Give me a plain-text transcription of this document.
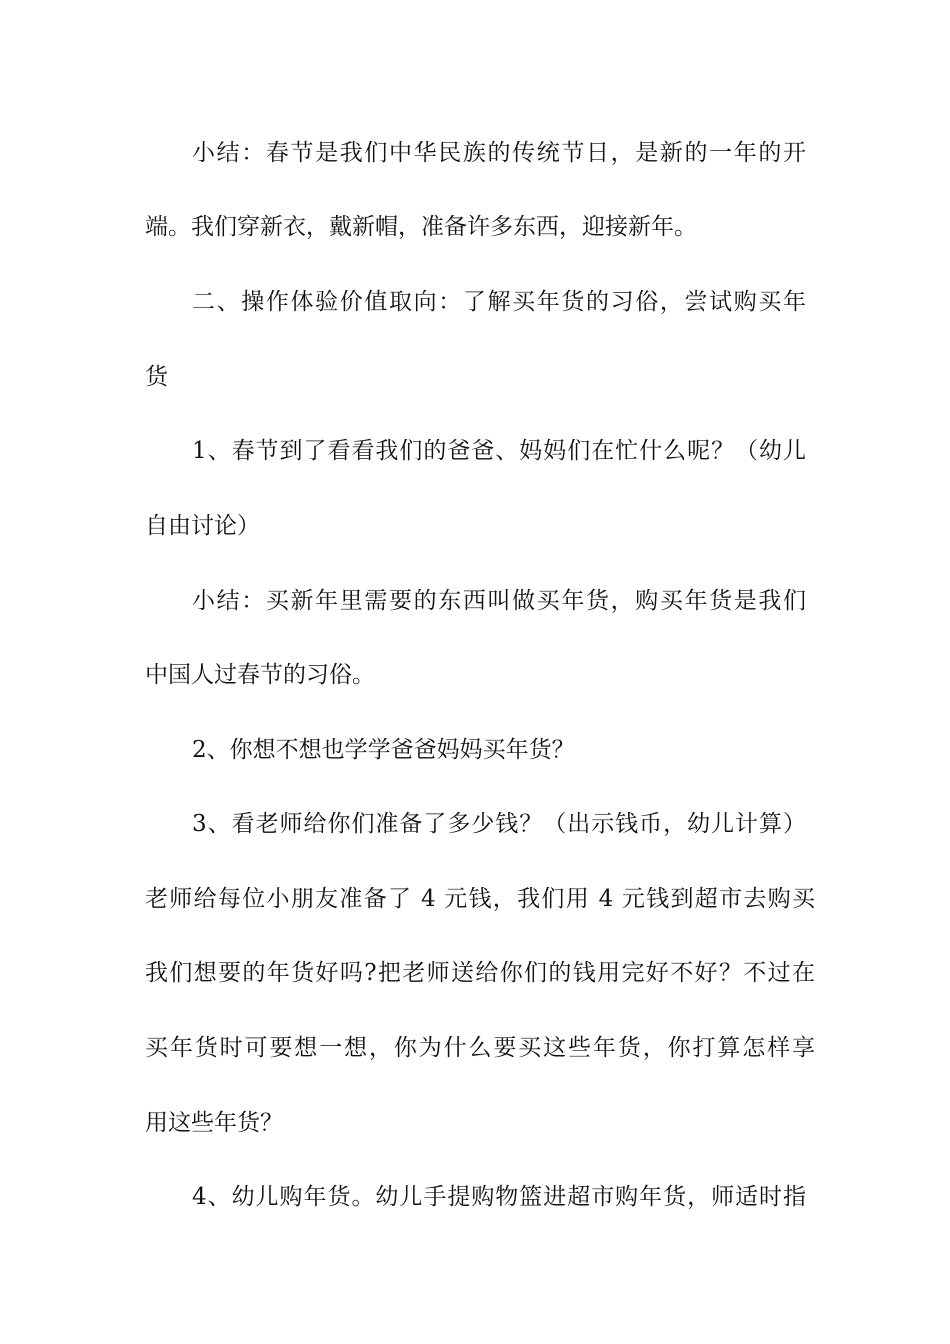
小结：春节是我们中华民族的传统节日，是新的一年的开
端。我们穿新衣，戴新帽，准备许多东西，迎接新年。
二、操作体验价值取向：了解买年货的习俗，尝试购买年
货
1、春节到了看看我们的爸爸、妈妈们在忙什么呢？（幼儿
自由讨论）
小结：买新年里需要的东西叫做买年货，购买年货是我们
中国人过春节的习俗。
2、你想不想也学学爸爸妈妈买年货？
3、看老师给你们准备了多少钱？（出示钱币，幼儿计算）
老师给每位小朋友准备了 4 元钱，我们用 4 元钱到超市去购买
我们想要的年货好吗?把老师送给你们的钱用完好不好？不过在
买年货时可要想一想，你为什么要买这些年货，你打算怎样享
用这些年货？
4、幼儿购年货。幼儿手提购物篮进超市购年货，师适时指
